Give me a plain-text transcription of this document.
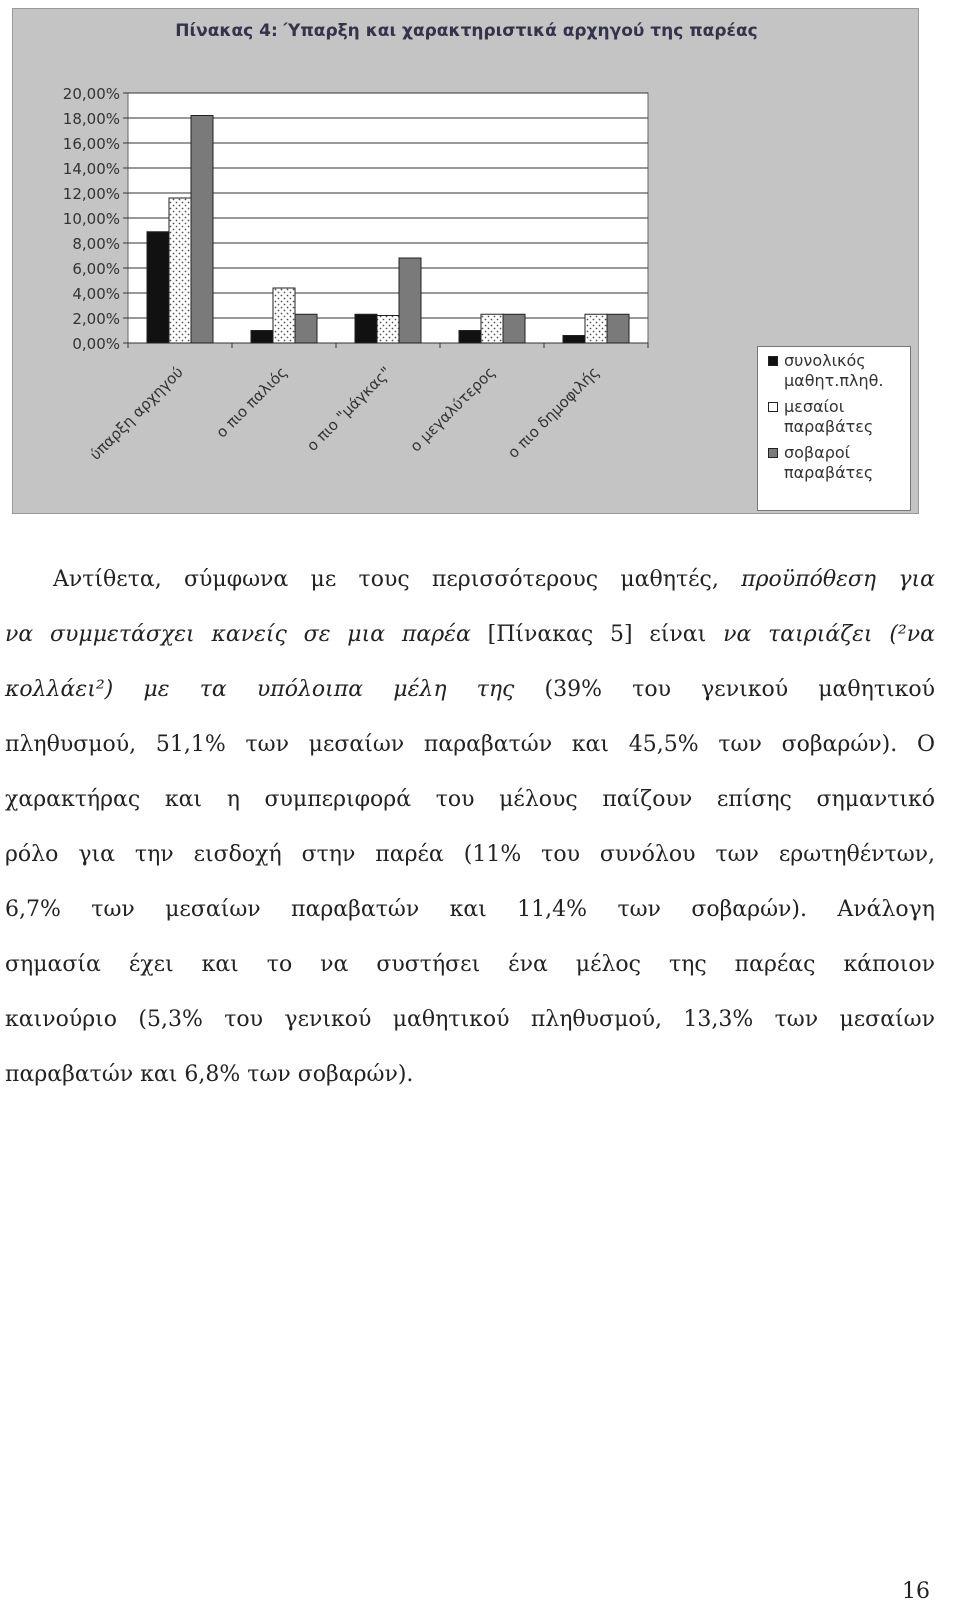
0,00%
2,00%
4,00%
6,00%
8,00%
10,00%
12,00%
14,00%
16,00%
18,00%
20,00%
ύπαρξη αρχηγού ο πιο παλιός ο πιο "μάγκας" ο μεγαλύτερος ο πιο δημοφιλής
Πίνακας 4: Ύπαρξη και χαρακτηριστικά αρχηγού της παρέας
συνολικός μαθητ.πληθ.
μεσαίοι παραβάτες
σοβαροί παραβάτες
Αντίθετα, σύμφωνα με τους περισσότερους μαθητές, προϋπόθεση για
να συμμετάσχει κανείς σε μια παρέα [Πίνακας 5] είναι να ταιριάζει (²να
κολλάει²) με τα υπόλοιπα μέλη της (39% του γενικού μαθητικού
πληθυσμού, 51,1% των μεσαίων παραβατών και 45,5% των σοβαρών). Ο
χαρακτήρας και η συμπεριφορά του μέλους παίζουν επίσης σημαντικό
ρόλο για την εισδοχή στην παρέα (11% του συνόλου των ερωτηθέντων,
6,7% των μεσαίων παραβατών και 11,4% των σοβαρών). Ανάλογη
σημασία έχει και το να συστήσει ένα μέλος της παρέας κάποιον
καινούριο (5,3% του γενικού μαθητικού πληθυσμού, 13,3% των μεσαίων
παραβατών και 6,8% των σοβαρών).
16
